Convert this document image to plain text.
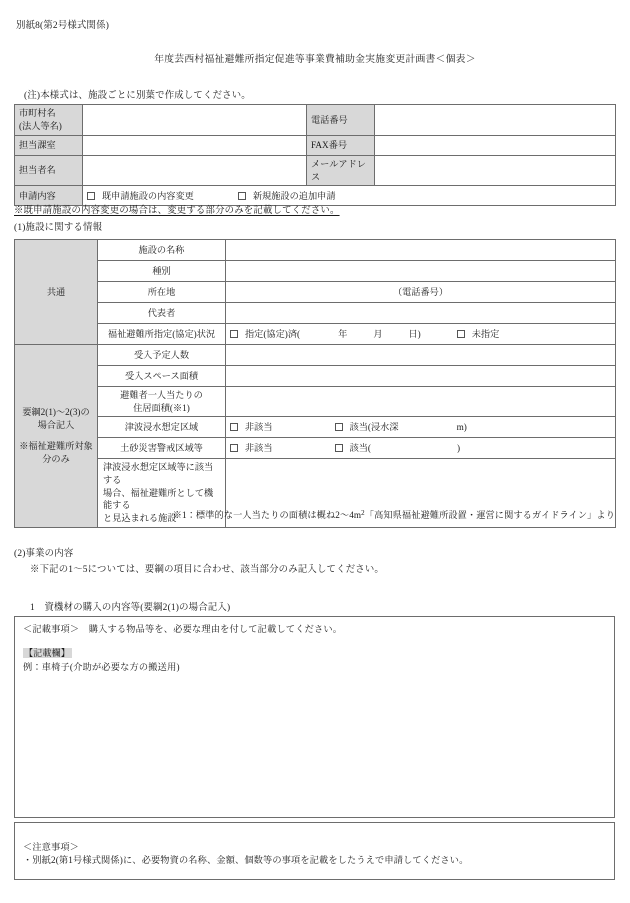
別紙8(第2号様式関係)
年度芸西村福祉避難所指定促進等事業費補助金実施変更計画書＜個表＞
(注)本様式は、施設ごとに別葉で作成してください。
市町村名
(法人等名)		電話番号	
担当課室		FAX番号	
担当者名		メールアドレス	
申請内容	既申請施設の内容変更 新規施設の追加申請		
※既申請施設の内容変更の場合は、変更する部分のみを記載してください。
(1)施設に関する情報
共通	施設の名称	
	種別	
	所在地	（電話番号）
	代表者	
	福祉避難所指定(協定)状況	指定(協定)済( 年 月 日) 未指定

要綱2(1)～2(3)の
場合記入
※福祉避難所対象
分のみ	受入予定人数	
	受入スペース面積	

	避難者一人当たりの
住居面積(※1)	

	津波浸水想定区域	非該当 該当(浸水深 m)

	土砂災害警戒区域等	非該当 該当( )

	津波浸水想定区域等に該当する
場合、福祉避難所として機能する
と見込まれる施設	

※1：標準的な一人当たりの面積は概ね$2\sim 4m^2$「高知県福祉避難所設置・運営に関するガイドライン」より
(2)事業の内容
※下記の1～5については、要綱の項目に合わせ、該当部分のみ記入してください。
1　資機材の購入の内容等(要綱2(1)の場合記入)
＜記載事項＞　購入する物品等を、必要な理由を付して記載してください。
【記載欄】
例：車椅子(介助が必要な方の搬送用)
＜注意事項＞
・別紙2(第1号様式関係)に、必要物資の名称、金額、個数等の事項を記載をしたうえで申請してください。
